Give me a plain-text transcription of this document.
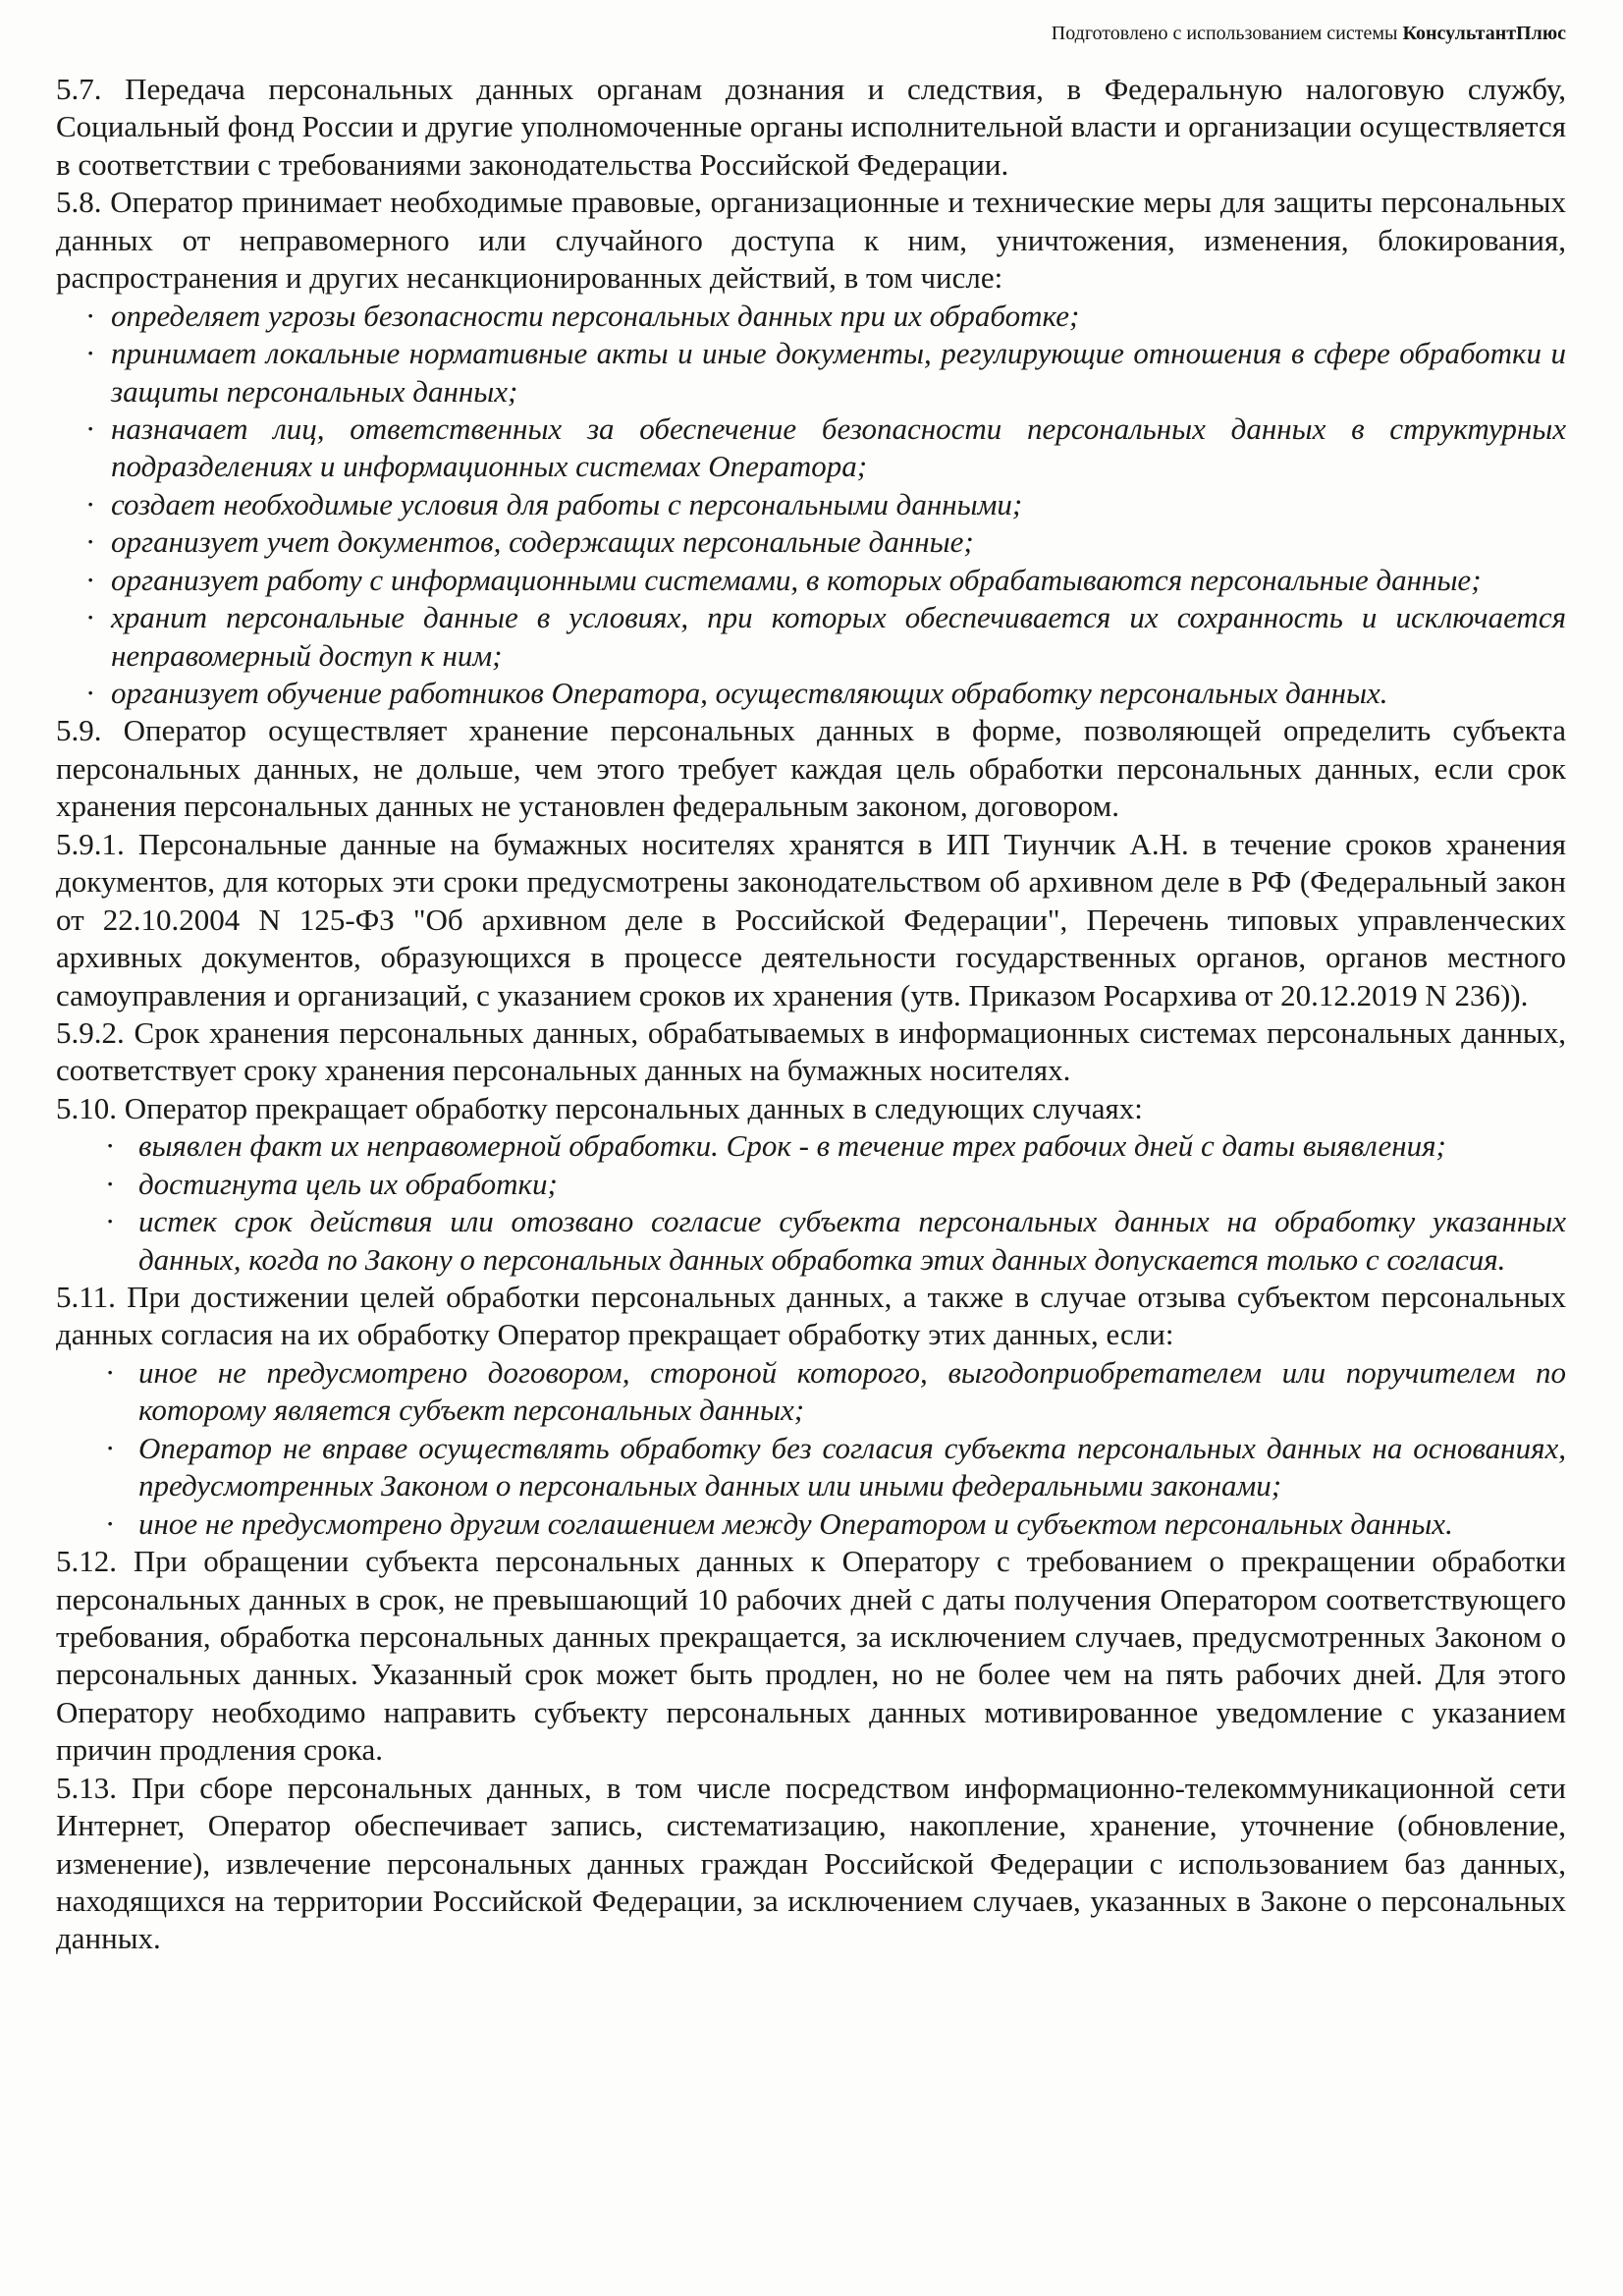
Подготовлено с использованием системы КонсультантПлюс

5.7. Передача персональных данных органам дознания и следствия, в Федеральную налоговую службу, Социальный фонд России и другие уполномоченные органы исполнительной власти и организации осуществляется в соответствии с требованиями законодательства Российской Федерации.

5.8. Оператор принимает необходимые правовые, организационные и технические меры для защиты персональных данных от неправомерного или случайного доступа к ним, уничтожения, изменения, блокирования, распространения и других несанкционированных действий, в том числе:

· определяет угрозы безопасности персональных данных при их обработке;
· принимает локальные нормативные акты и иные документы, регулирующие отношения в сфере обработки и защиты персональных данных;
· назначает лиц, ответственных за обеспечение безопасности персональных данных в структурных подразделениях и информационных системах Оператора;
· создает необходимые условия для работы с персональными данными;
· организует учет документов, содержащих персональные данные;
· организует работу с информационными системами, в которых обрабатываются персональные данные;
· хранит персональные данные в условиях, при которых обеспечивается их сохранность и исключается неправомерный доступ к ним;
· организует обучение работников Оператора, осуществляющих обработку персональных данных.

5.9. Оператор осуществляет хранение персональных данных в форме, позволяющей определить субъекта персональных данных, не дольше, чем этого требует каждая цель обработки персональных данных, если срок хранения персональных данных не установлен федеральным законом, договором.

5.9.1. Персональные данные на бумажных носителях хранятся в ИП Тиунчик А.Н. в течение сроков хранения документов, для которых эти сроки предусмотрены законодательством об архивном деле в РФ (Федеральный закон от 22.10.2004 N 125-ФЗ "Об архивном деле в Российской Федерации", Перечень типовых управленческих архивных документов, образующихся в процессе деятельности государственных органов, органов местного самоуправления и организаций, с указанием сроков их хранения (утв. Приказом Росархива от 20.12.2019 N 236)).

5.9.2. Срок хранения персональных данных, обрабатываемых в информационных системах персональных данных, соответствует сроку хранения персональных данных на бумажных носителях.

5.10. Оператор прекращает обработку персональных данных в следующих случаях:

· выявлен факт их неправомерной обработки. Срок - в течение трех рабочих дней с даты выявления;
· достигнута цель их обработки;
· истек срок действия или отозвано согласие субъекта персональных данных на обработку указанных данных, когда по Закону о персональных данных обработка этих данных допускается только с согласия.

5.11. При достижении целей обработки персональных данных, а также в случае отзыва субъектом персональных данных согласия на их обработку Оператор прекращает обработку этих данных, если:

· иное не предусмотрено договором, стороной которого, выгодоприобретателем или поручителем по которому является субъект персональных данных;
· Оператор не вправе осуществлять обработку без согласия субъекта персональных данных на основаниях, предусмотренных Законом о персональных данных или иными федеральными законами;
· иное не предусмотрено другим соглашением между Оператором и субъектом персональных данных.

5.12. При обращении субъекта персональных данных к Оператору с требованием о прекращении обработки персональных данных в срок, не превышающий 10 рабочих дней с даты получения Оператором соответствующего требования, обработка персональных данных прекращается, за исключением случаев, предусмотренных Законом о персональных данных. Указанный срок может быть продлен, но не более чем на пять рабочих дней. Для этого Оператору необходимо направить субъекту персональных данных мотивированное уведомление с указанием причин продления срока.

5.13. При сборе персональных данных, в том числе посредством информационно-телекоммуникационной сети Интернет, Оператор обеспечивает запись, систематизацию, накопление, хранение, уточнение (обновление, изменение), извлечение персональных данных граждан Российской Федерации с использованием баз данных, находящихся на территории Российской Федерации, за исключением случаев, указанных в Законе о персональных данных.
